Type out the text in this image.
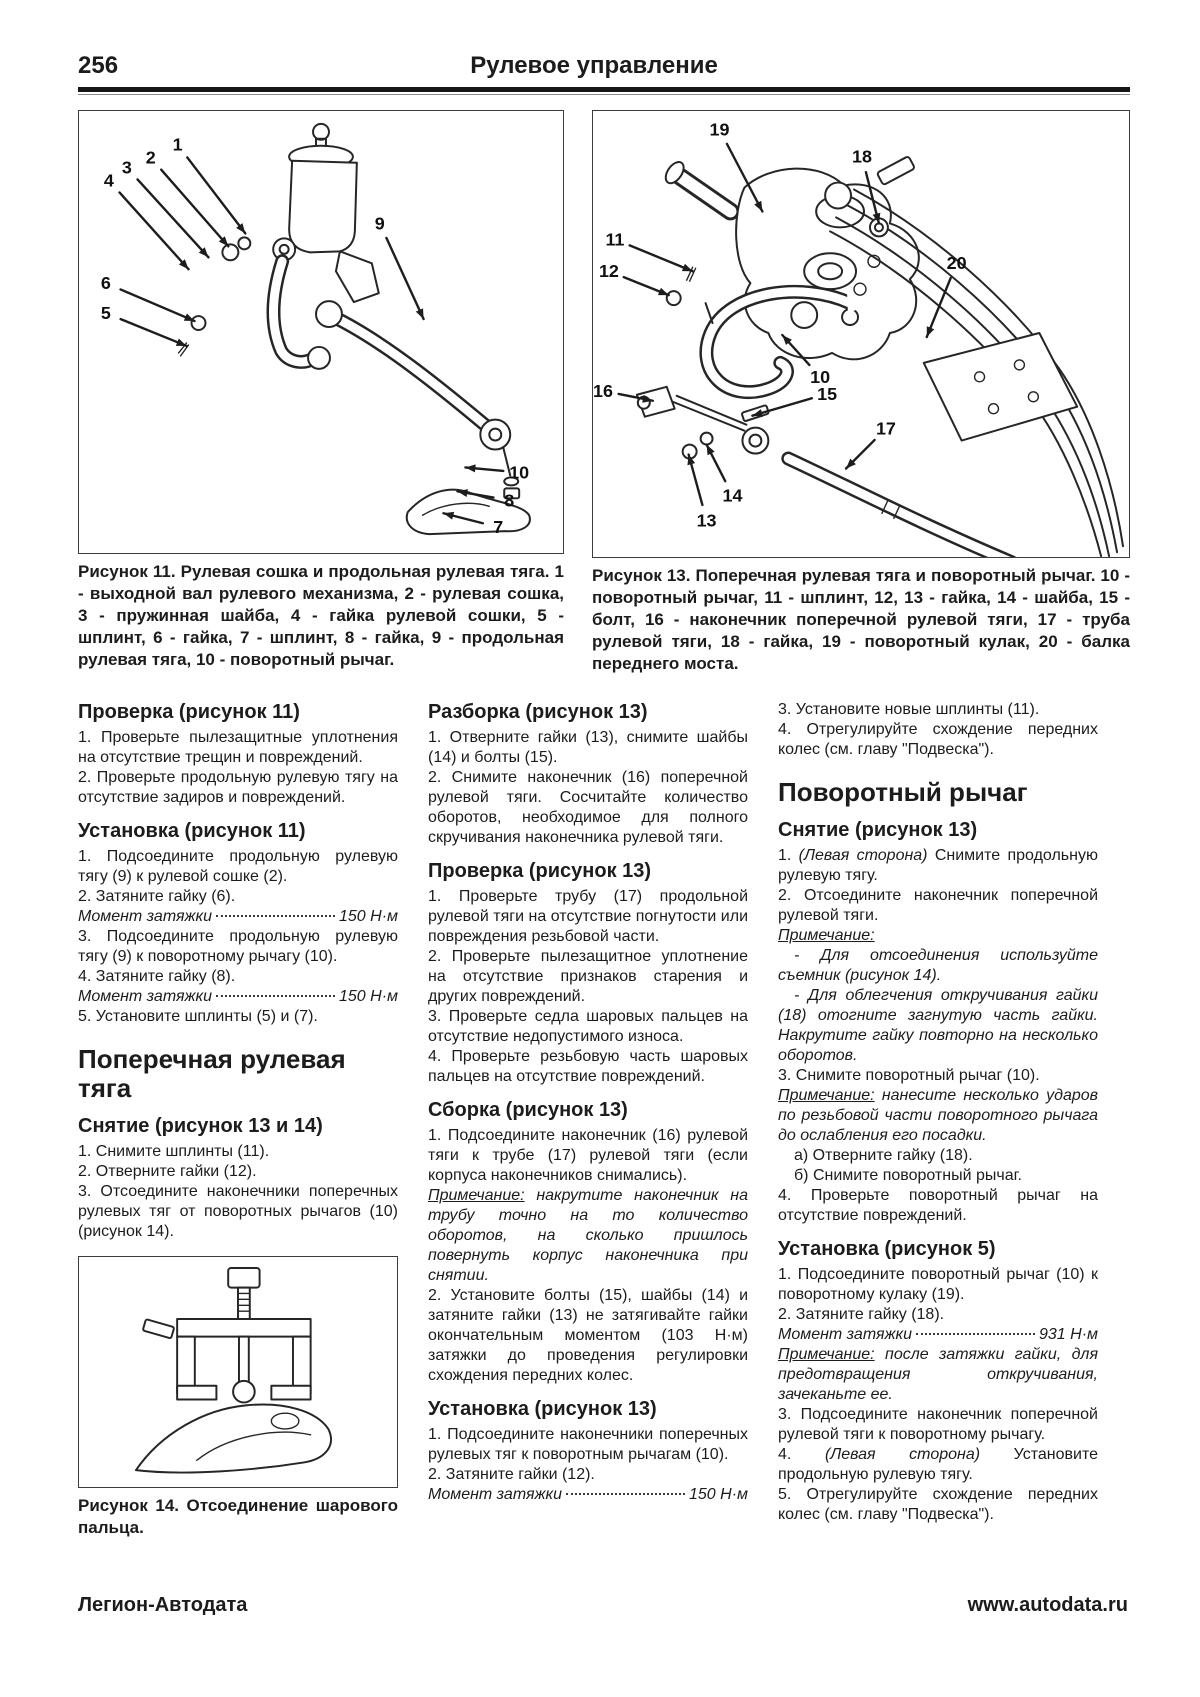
256	Рулевое управление
1
2
3
4
6
5
9
10
8
7
Рисунок 11. Рулевая сошка и продольная рулевая тяга. 1 - выходной вал рулевого механизма, 2 - рулевая сошка, 3 - пружинная шайба, 4 - гайка рулевой сошки, 5 - шплинт, 6 - гайка, 7 - шплинт, 8 - гайка, 9 - продольная рулевая тяга, 10 - поворотный рычаг.
19
18
11
12
10
20
16	15
17
14
13
Рисунок 13. Поперечная рулевая тяга и поворотный рычаг. 10 - поворотный рычаг, 11 - шплинт, 12, 13 - гайка, 14 - шайба, 15 - болт, 16 - наконечник поперечной рулевой тяги, 17 - труба рулевой тяги, 18 - гайка, 19 - поворотный кулак, 20 - балка переднего моста.
Проверка (рисунок 11)

1. Проверьте пылезащитные уплотнения на отсутствие трещин и повреждений.

2. Проверьте продольную рулевую тягу на отсутствие задиров и повреждений.

Установка (рисунок 11)

1. Подсоедините продольную рулевую тягу (9) к рулевой сошке (2).

2. Затяните гайку (6).

Момент затяжки	150 Н·м

3. Подсоедините продольную рулевую тягу (9) к поворотному рычагу (10).

4. Затяните гайку (8).

Момент затяжки	150 Н·м

5. Установите шплинты (5) и (7).

Поперечная рулевая тяга
Снятие (рисунок 13 и 14)

1. Снимите шплинты (11).

2. Отверните гайки (12).

3. Отсоедините наконечники поперечных рулевых тяг от поворотных рычагов (10) (рисунок 14).

Рисунок 14. Отсоединение шарового пальца.
Разборка (рисунок 13)

1. Отверните гайки (13), снимите шайбы (14) и болты (15).

2. Снимите наконечник (16) поперечной рулевой тяги. Сосчитайте количество оборотов, необходимое для полного скручивания наконечника рулевой тяги.

Проверка (рисунок 13)

1. Проверьте трубу (17) продольной рулевой тяги на отсутствие погнутости или повреждения резьбовой части.

2. Проверьте пылезащитное уплотнение на отсутствие признаков старения и других повреждений.

3. Проверьте седла шаровых пальцев на отсутствие недопустимого износа.

4. Проверьте резьбовую часть шаровых пальцев на отсутствие повреждений.

Сборка (рисунок 13)

1. Подсоедините наконечник (16) рулевой тяги к трубе (17) рулевой тяги (если корпуса наконечников снимались).

Примечание: накрутите наконечник на трубу точно на то количество оборотов, на сколько пришлось повернуть корпус наконечника при снятии.

2. Установите болты (15), шайбы (14) и затяните гайки (13) не затягивайте гайки окончательным моментом (103 Н·м) затяжки до проведения регулировки схождения передних колес.

Установка (рисунок 13)

1. Подсоедините наконечники поперечных рулевых тяг к поворотным рычагам (10).

2. Затяните гайки (12).

Момент затяжки	150 Н·м

3. Установите новые шплинты (11).

4. Отрегулируйте схождение передних колес (см. главу "Подвеска").

Поворотный рычаг
Снятие (рисунок 13)

1. (Левая сторона) Снимите продольную рулевую тягу.

2. Отсоедините наконечник поперечной рулевой тяги.

Примечание:

- Для отсоединения используйте съемник (рисунок 14).

- Для облегчения откручивания гайки (18) отогните загнутую часть гайки. Накрутите гайку повторно на несколько оборотов.

3. Снимите поворотный рычаг (10).

Примечание: нанесите несколько ударов по резьбовой части поворотного рычага до ослабления его посадки.

а) Отверните гайку (18).

б) Снимите поворотный рычаг.

4. Проверьте поворотный рычаг на отсутствие повреждений.

Установка (рисунок 5)

1. Подсоедините поворотный рычаг (10) к поворотному кулаку (19).

2. Затяните гайку (18).

Момент затяжки	931 Н·м

Примечание: после затяжки гайки, для предотвращения откручивания, зачеканьте ее.

3. Подсоедините наконечник поперечной рулевой тяги к поворотному рычагу.

4. (Левая сторона) Установите продольную рулевую тягу.

5. Отрегулируйте схождение передних колес (см. главу "Подвеска").

Легион-Автодата	www.autodata.ru
